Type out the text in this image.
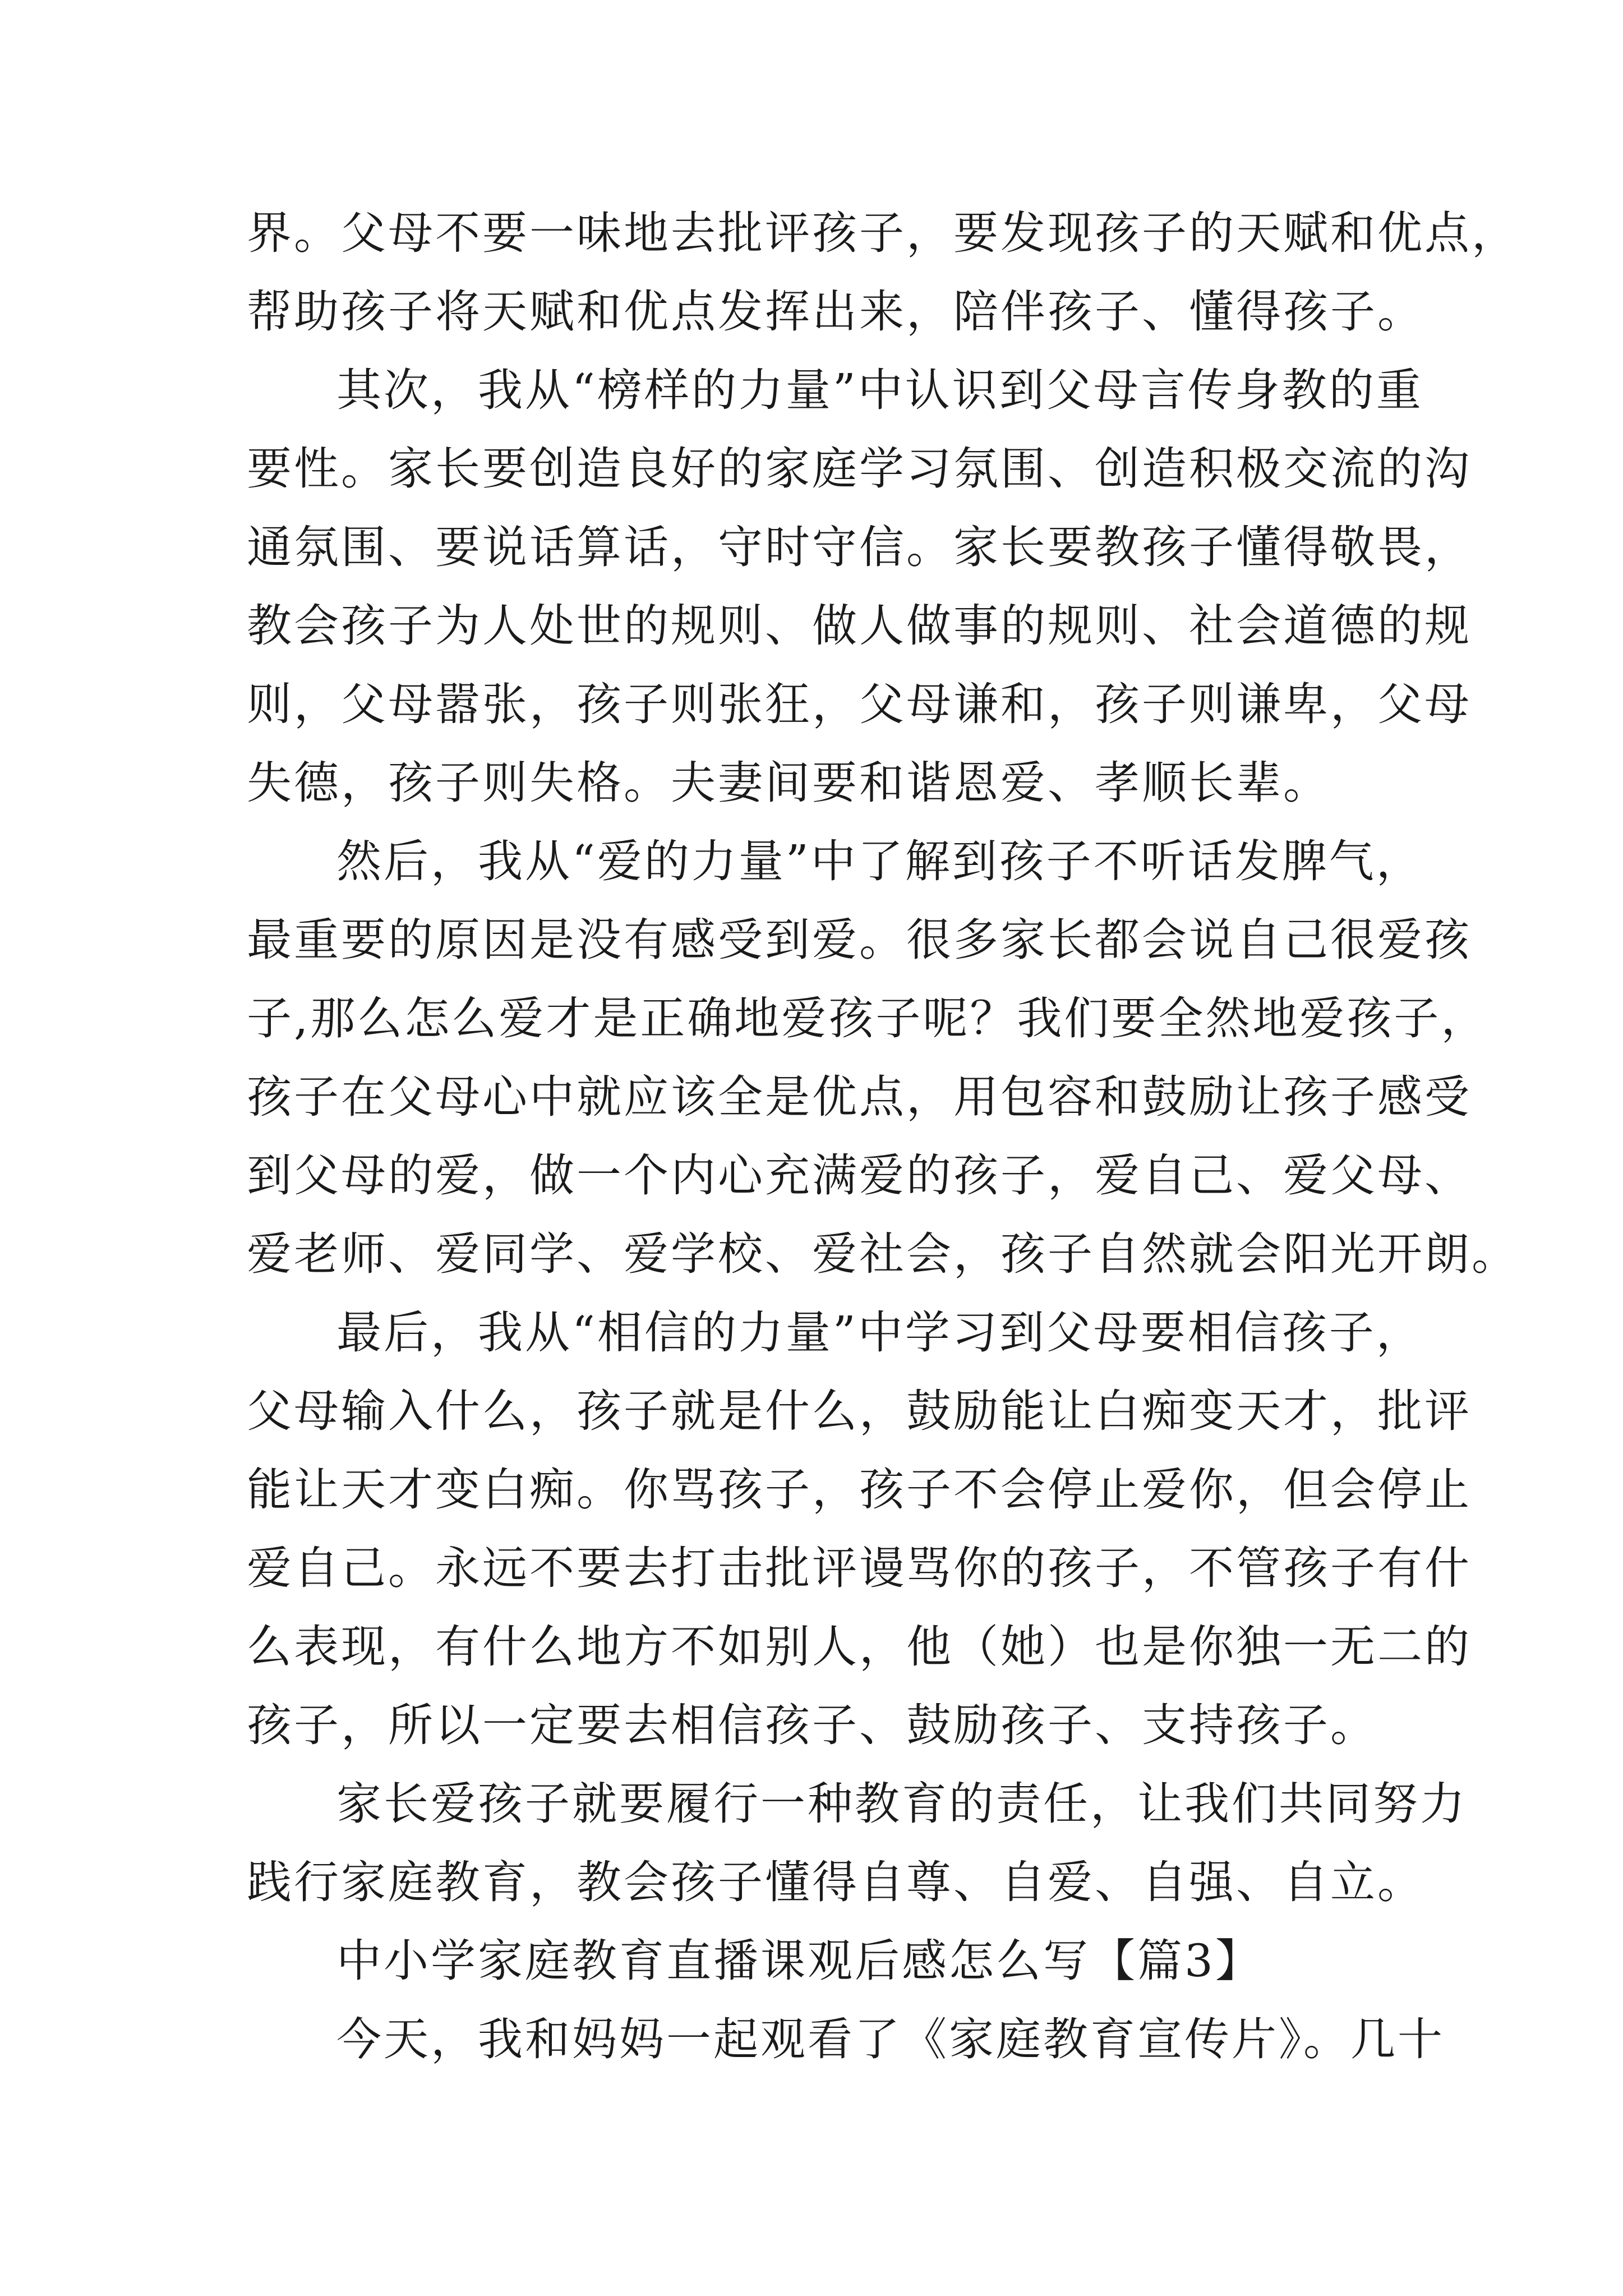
界。父母不要一味地去批评孩子，要发现孩子的天赋和优点，
帮助孩子将天赋和优点发挥出来，陪伴孩子、懂得孩子。
其次，我从“榜样的力量”中认识到父母言传身教的重
要性。家长要创造良好的家庭学习氛围、创造积极交流的沟
通氛围、要说话算话，守时守信。家长要教孩子懂得敬畏，
教会孩子为人处世的规则、做人做事的规则、社会道德的规
则，父母嚣张，孩子则张狂，父母谦和，孩子则谦卑，父母
失德，孩子则失格。夫妻间要和谐恩爱、孝顺长辈。
然后，我从“爱的力量”中了解到孩子不听话发脾气，
最重要的原因是没有感受到爱。很多家长都会说自己很爱孩
子,那么怎么爱才是正确地爱孩子呢？我们要全然地爱孩子，
孩子在父母心中就应该全是优点，用包容和鼓励让孩子感受
到父母的爱，做一个内心充满爱的孩子，爱自己、爱父母、
爱老师、爱同学、爱学校、爱社会，孩子自然就会阳光开朗。
最后，我从“相信的力量”中学习到父母要相信孩子，
父母输入什么，孩子就是什么，鼓励能让白痴变天才，批评
能让天才变白痴。你骂孩子，孩子不会停止爱你，但会停止
爱自己。永远不要去打击批评谩骂你的孩子，不管孩子有什
么表现，有什么地方不如别人，他（她）也是你独一无二的
孩子，所以一定要去相信孩子、鼓励孩子、支持孩子。
家长爱孩子就要履行一种教育的责任，让我们共同努力
践行家庭教育，教会孩子懂得自尊、自爱、自强、自立。
中小学家庭教育直播课观后感怎么写【篇3】
今天，我和妈妈一起观看了《家庭教育宣传片》。几十
